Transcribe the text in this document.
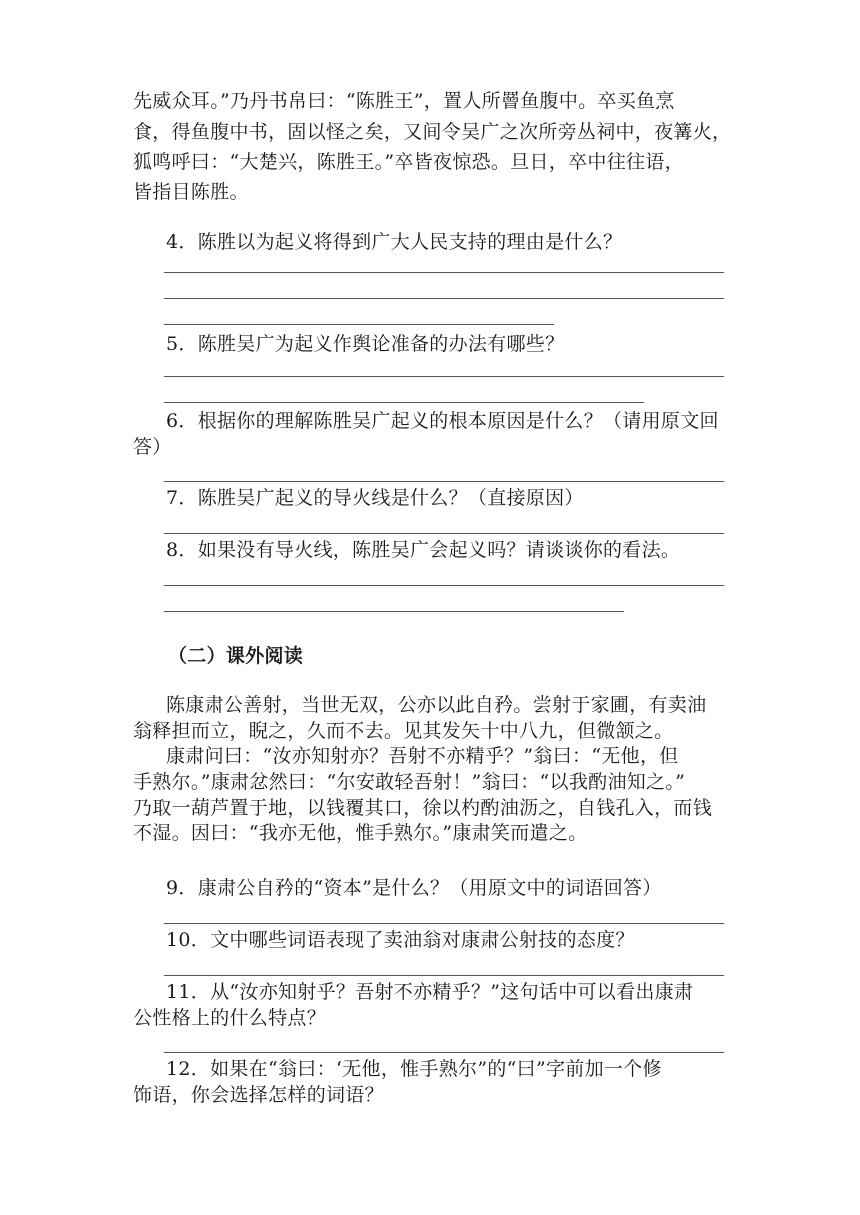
先威众耳。”乃丹书帛曰：“陈胜王”，置人所罾鱼腹中。卒买鱼烹

食，得鱼腹中书，固以怪之矣，又间令吴广之次所旁丛祠中，夜篝火，

狐鸣呼曰：“大楚兴，陈胜王。”卒皆夜惊恐。旦日，卒中往往语，

皆指目陈胜。

4．陈胜以为起义将得到广大人民支持的理由是什么？

5．陈胜吴广为起义作舆论准备的办法有哪些？

6．根据你的理解陈胜吴广起义的根本原因是什么？（请用原文回

答）

7．陈胜吴广起义的导火线是什么？（直接原因）

8．如果没有导火线，陈胜吴广会起义吗？请谈谈你的看法。

（二）课外阅读

陈康肃公善射，当世无双，公亦以此自矜。尝射于家圃，有卖油

翁释担而立，睨之，久而不去。见其发矢十中八九，但微颔之。

康肃问曰：“汝亦知射亦？吾射不亦精乎？”翁曰：“无他，但

手熟尔。”康肃忿然曰：“尔安敢轻吾射！”翁曰：“以我酌油知之。”

乃取一葫芦置于地，以钱覆其口，徐以杓酌油沥之，自钱孔入，而钱

不湿。因曰：“我亦无他，惟手熟尔。”康肃笑而遣之。

9．康肃公自矜的“资本”是什么？（用原文中的词语回答）

10．文中哪些词语表现了卖油翁对康肃公射技的态度？

11．从“汝亦知射乎？吾射不亦精乎？”这句话中可以看出康肃

公性格上的什么特点？

12．如果在“翁曰：‘无他，惟手熟尔”的“曰”字前加一个修

饰语，你会选择怎样的词语？
